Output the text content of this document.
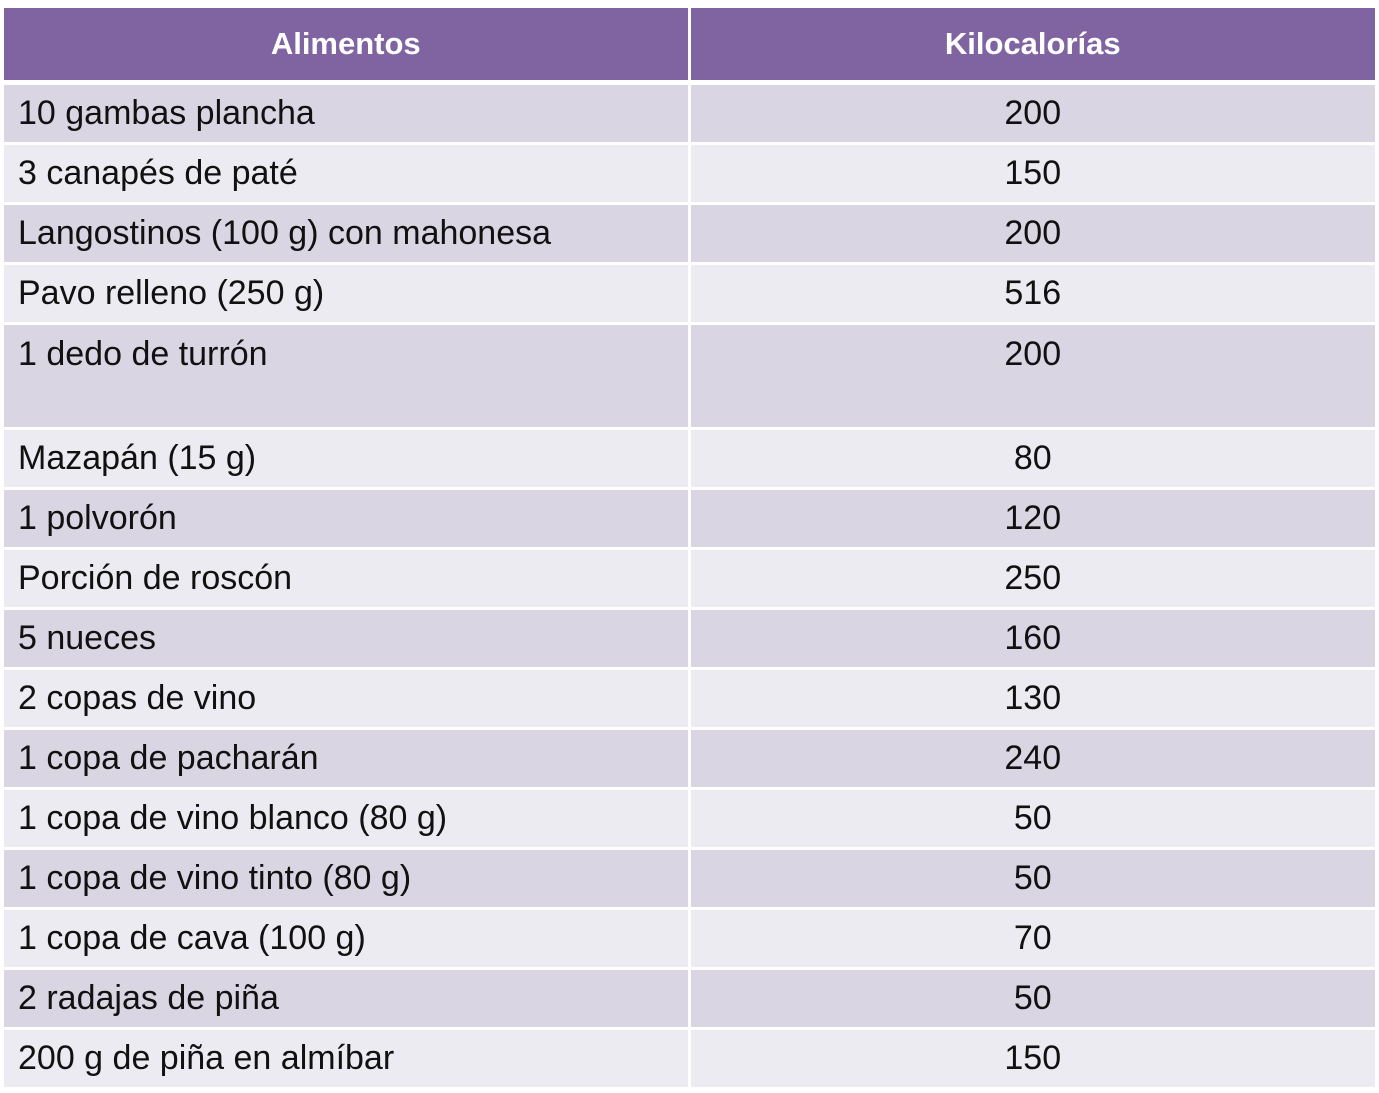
Alimentos	Kilocalorías
10 gambas plancha	200
3 canapés de paté	150
Langostinos (100 g) con mahonesa	200
Pavo relleno (250 g)	516
1 dedo de turrón	200
Mazapán (15 g)	80
1 polvorón	120
Porción de roscón	250
5 nueces	160
2 copas de vino	130
1 copa de pacharán	240
1 copa de vino blanco (80 g)	50
1 copa de vino tinto (80 g)	50
1 copa de cava (100 g)	70
2 radajas de piña	50
200 g de piña en almíbar	150
